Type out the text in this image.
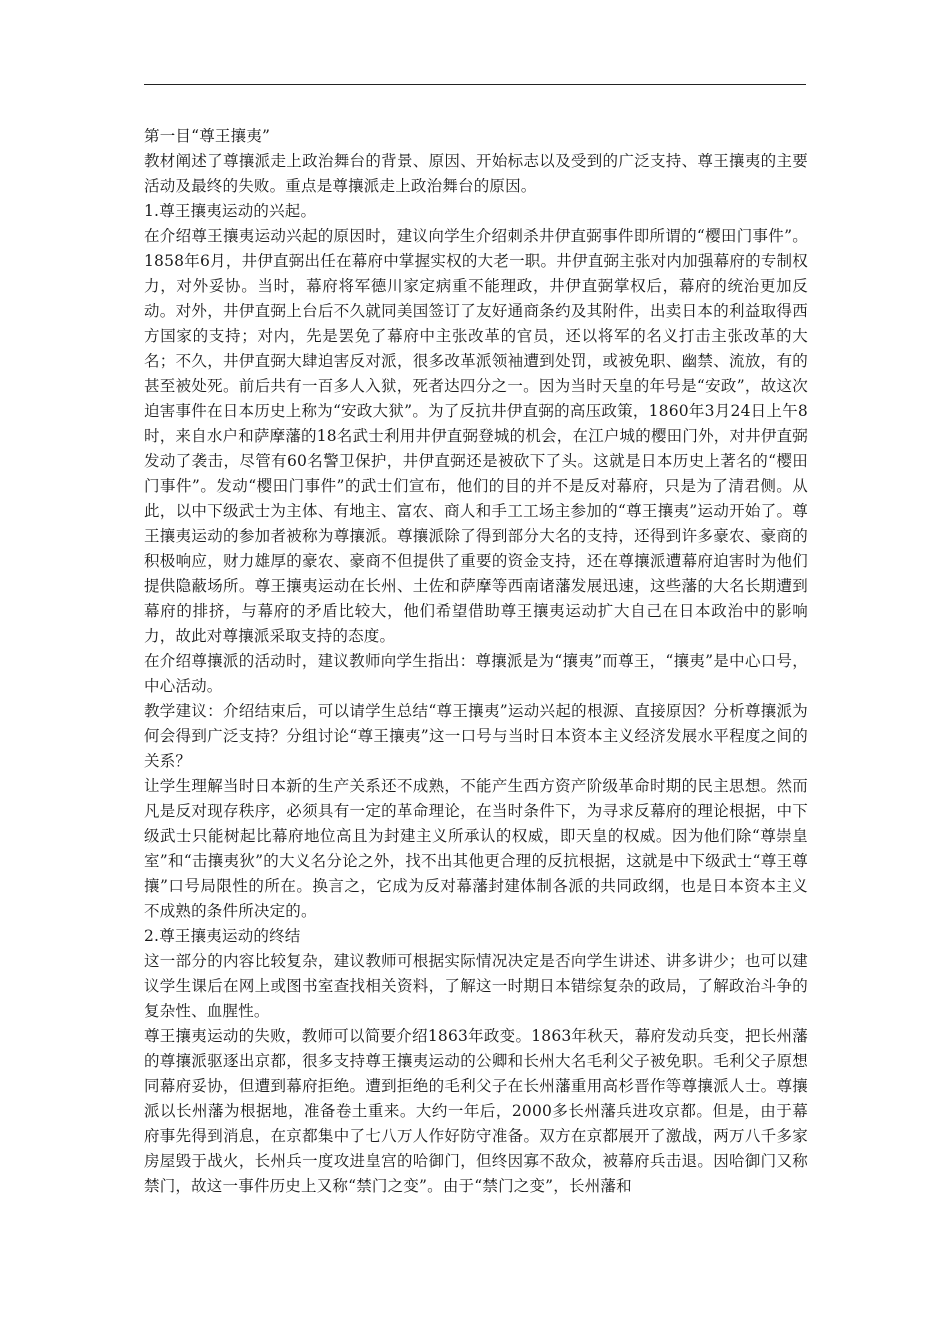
第一目“尊王攘夷”

教材阐述了尊攘派走上政治舞台的背景、原因、开始标志以及受到的广泛支持、尊王攘夷的主要活动及最终的失败。重点是尊攘派走上政治舞台的原因。

1.尊王攘夷运动的兴起。

在介绍尊王攘夷运动兴起的原因时，建议向学生介绍刺杀井伊直弼事件即所谓的“樱田门事件”。1858年6月，井伊直弼出任在幕府中掌握实权的大老一职。井伊直弼主张对内加强幕府的专制权力，对外妥协。当时，幕府将军德川家定病重不能理政，井伊直弼掌权后，幕府的统治更加反动。对外，井伊直弼上台后不久就同美国签订了友好通商条约及其附件，出卖日本的利益取得西方国家的支持；对内，先是罢免了幕府中主张改革的官员，还以将军的名义打击主张改革的大名；不久，井伊直弼大肆迫害反对派，很多改革派领袖遭到处罚，或被免职、幽禁、流放，有的甚至被处死。前后共有一百多人入狱，死者达四分之一。因为当时天皇的年号是“安政”，故这次迫害事件在日本历史上称为“安政大狱”。为了反抗井伊直弼的高压政策，1860年3月24日上午8时，来自水户和萨摩藩的18名武士利用井伊直弼登城的机会，在江户城的樱田门外，对井伊直弼发动了袭击，尽管有60名警卫保护，井伊直弼还是被砍下了头。这就是日本历史上著名的“樱田门事件”。发动“樱田门事件”的武士们宣布，他们的目的并不是反对幕府，只是为了清君侧。从此，以中下级武士为主体、有地主、富农、商人和手工工场主参加的“尊王攘夷”运动开始了。尊王攘夷运动的参加者被称为尊攘派。尊攘派除了得到部分大名的支持，还得到许多豪农、豪商的积极响应，财力雄厚的豪农、豪商不但提供了重要的资金支持，还在尊攘派遭幕府迫害时为他们提供隐蔽场所。尊王攘夷运动在长州、土佐和萨摩等西南诸藩发展迅速，这些藩的大名长期遭到幕府的排挤，与幕府的矛盾比较大，他们希望借助尊王攘夷运动扩大自己在日本政治中的影响力，故此对尊攘派采取支持的态度。

在介绍尊攘派的活动时，建议教师向学生指出：尊攘派是为“攘夷”而尊王，“攘夷”是中心口号，中心活动。

教学建议：介绍结束后，可以请学生总结“尊王攘夷”运动兴起的根源、直接原因？分析尊攘派为何会得到广泛支持？分组讨论“尊王攘夷”这一口号与当时日本资本主义经济发展水平程度之间的关系？

让学生理解当时日本新的生产关系还不成熟，不能产生西方资产阶级革命时期的民主思想。然而凡是反对现存秩序，必须具有一定的革命理论，在当时条件下，为寻求反幕府的理论根据，中下级武士只能树起比幕府地位高且为封建主义所承认的权威，即天皇的权威。因为他们除“尊崇皇室”和“击攘夷狄”的大义名分论之外，找不出其他更合理的反抗根据，这就是中下级武士“尊王尊攘”口号局限性的所在。换言之，它成为反对幕藩封建体制各派的共同政纲，也是日本资本主义不成熟的条件所决定的。

2.尊王攘夷运动的终结

这一部分的内容比较复杂，建议教师可根据实际情况决定是否向学生讲述、讲多讲少；也可以建议学生课后在网上或图书室查找相关资料，了解这一时期日本错综复杂的政局，了解政治斗争的复杂性、血腥性。

尊王攘夷运动的失败，教师可以简要介绍1863年政变。1863年秋天，幕府发动兵变，把长州藩的尊攘派驱逐出京都，很多支持尊王攘夷运动的公卿和长州大名毛利父子被免职。毛利父子原想同幕府妥协，但遭到幕府拒绝。遭到拒绝的毛利父子在长州藩重用高杉晋作等尊攘派人士。尊攘派以长州藩为根据地，准备卷土重来。大约一年后，2000多长州藩兵进攻京都。但是，由于幕府事先得到消息，在京都集中了七八万人作好防守准备。双方在京都展开了激战，两万八千多家房屋毁于战火，长州兵一度攻进皇宫的哈御门，但终因寡不敌众，被幕府兵击退。因哈御门又称禁门，故这一事件历史上又称“禁门之变”。由于“禁门之变”，长州藩和
